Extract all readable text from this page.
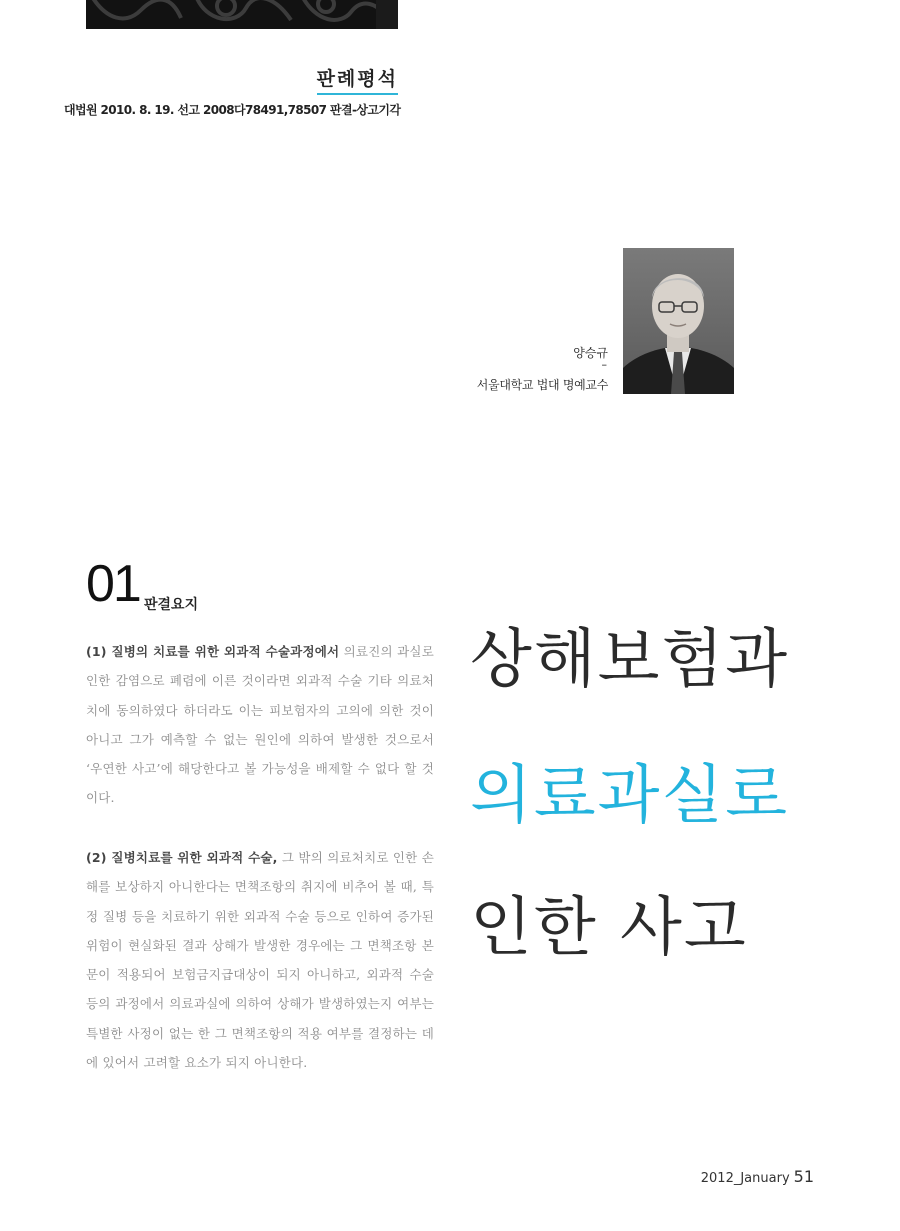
판례평석
대법원 2010. 8. 19. 선고 2008다78491,78507 판결-상고기각
양승규
–
서울대학교 법대 명예교수
01 판결요지
(1) 질병의 치료를 위한 외과적 수술과정에서 의료진의 과실로 인한 감염으로 폐렴에 이른 것이라면 외과적 수술 기타 의료처치에 동의하였다 하더라도 이는 피보험자의 고의에 의한 것이 아니고 그가 예측할 수 없는 원인에 의하여 발생한 것으로서 ‘우연한 사고’에 해당한다고 볼 가능성을 배제할 수 없다 할 것이다.
(2) 질병치료를 위한 외과적 수술, 그 밖의 의료처치로 인한 손해를 보상하지 아니한다는 면책조항의 취지에 비추어 볼 때, 특정 질병 등을 치료하기 위한 외과적 수술 등으로 인하여 증가된 위험이 현실화된 결과 상해가 발생한 경우에는 그 면책조항 본문이 적용되어 보험금지급대상이 되지 아니하고, 외과적 수술 등의 과정에서 의료과실에 의하여 상해가 발생하였는지 여부는 특별한 사정이 없는 한 그 면책조항의 적용 여부를 결정하는 데에 있어서 고려할 요소가 되지 아니한다.
상해보험과
의료과실로
인한 사고
2012_January 51
